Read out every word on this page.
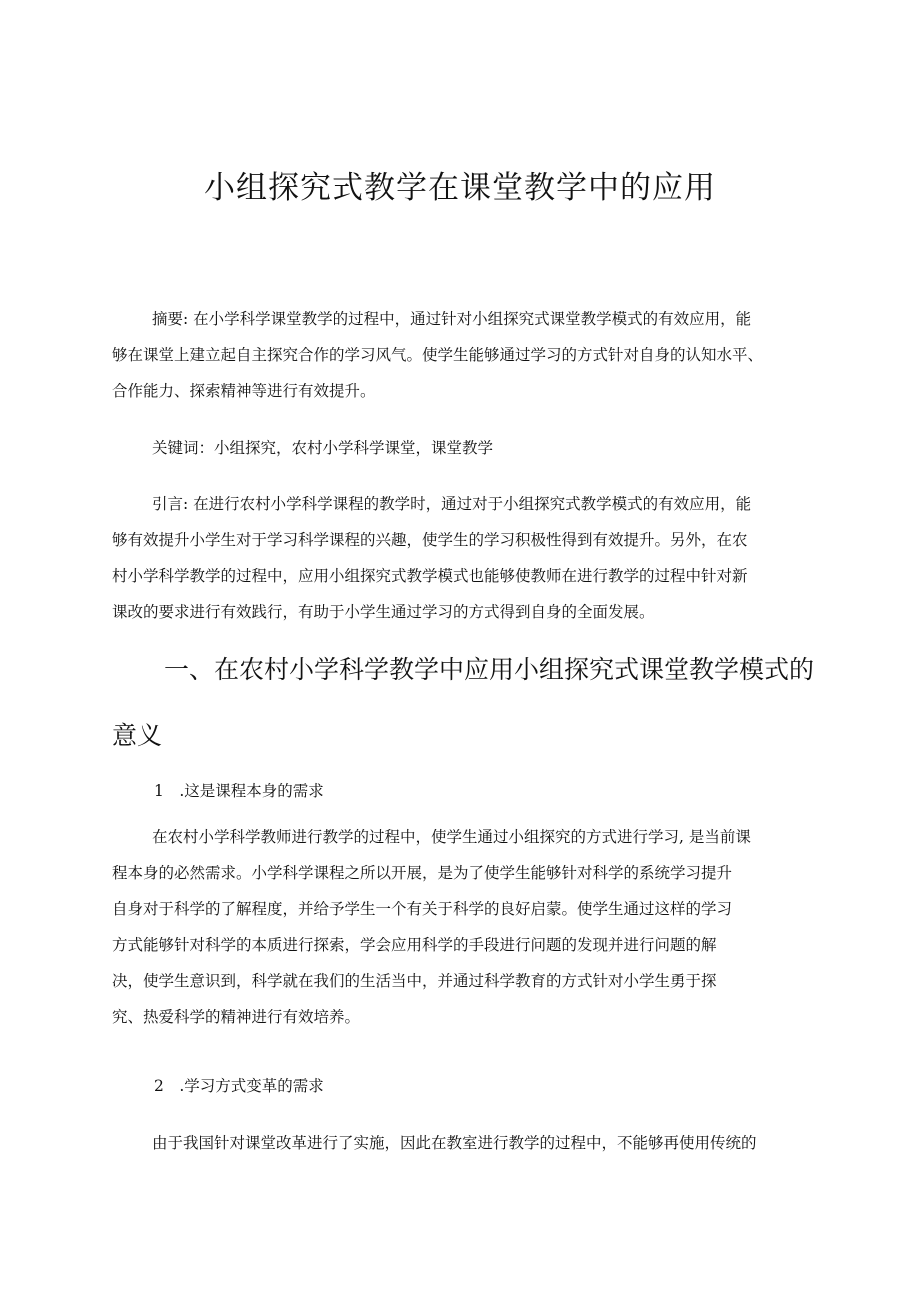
小组探究式教学在课堂教学中的应用

摘要: 在小学科学课堂教学的过程中，通过针对小组探究式课堂教学模式的有效应用，能
够在课堂上建立起自主探究合作的学习风气。使学生能够通过学习的方式针对自身的认知水平、
合作能力、探索精神等进行有效提升。

关键词：小组探究，农村小学科学课堂，课堂教学

引言: 在进行农村小学科学课程的教学时，通过对于小组探究式教学模式的有效应用，能
够有效提升小学生对于学习科学课程的兴趣，使学生的学习积极性得到有效提升。另外，在农
村小学科学教学的过程中，应用小组探究式教学模式也能够使教师在进行教学的过程中针对新
课改的要求进行有效践行，有助于小学生通过学习的方式得到自身的全面发展。

一、在农村小学科学教学中应用小组探究式课堂教学模式的
意义

1　.这是课程本身的需求

在农村小学科学教师进行教学的过程中，使学生通过小组探究的方式进行学习, 是当前课
程本身的必然需求。小学科学课程之所以开展，是为了使学生能够针对科学的系统学习提升
自身对于科学的了解程度，并给予学生一个有关于科学的良好启蒙。使学生通过这样的学习
方式能够针对科学的本质进行探索，学会应用科学的手段进行问题的发现并进行问题的解
决，使学生意识到，科学就在我们的生活当中，并通过科学教育的方式针对小学生勇于探
究、热爱科学的精神进行有效培养。

2　.学习方式变革的需求

由于我国针对课堂改革进行了实施，因此在教室进行教学的过程中，不能够再使用传统的
